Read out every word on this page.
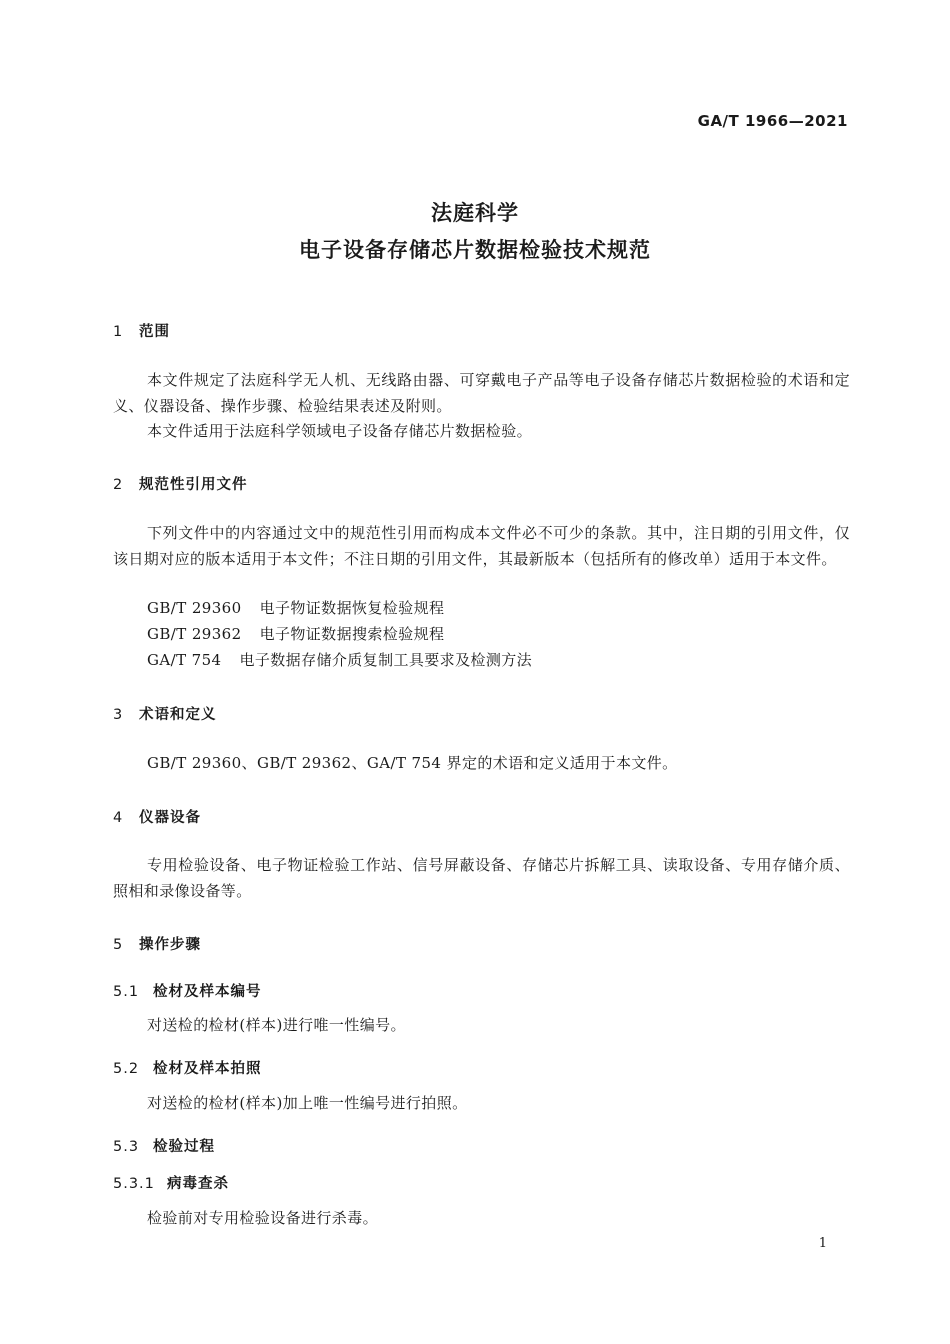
GA/T 1966—2021
法庭科学
电子设备存储芯片数据检验技术规范
1 范围
本文件规定了法庭科学无人机、无线路由器、可穿戴电子产品等电子设备存储芯片数据检验的术语和定义、仪器设备、操作步骤、检验结果表述及附则。
本文件适用于法庭科学领域电子设备存储芯片数据检验。
2 规范性引用文件
下列文件中的内容通过文中的规范性引用而构成本文件必不可少的条款。其中，注日期的引用文件，仅该日期对应的版本适用于本文件；不注日期的引用文件，其最新版本（包括所有的修改单）适用于本文件。
GB/T 29360 电子物证数据恢复检验规程
GB/T 29362 电子物证数据搜索检验规程
GA/T 754 电子数据存储介质复制工具要求及检测方法
3 术语和定义
GB/T 29360、GB/T 29362、GA/T 754 界定的术语和定义适用于本文件。
4 仪器设备
专用检验设备、电子物证检验工作站、信号屏蔽设备、存储芯片拆解工具、读取设备、专用存储介质、照相和录像设备等。
5 操作步骤
5.1 检材及样本编号
对送检的检材(样本)进行唯一性编号。
5.2 检材及样本拍照
对送检的检材(样本)加上唯一性编号进行拍照。
5.3 检验过程
5.3.1 病毒查杀
检验前对专用检验设备进行杀毒。
1
